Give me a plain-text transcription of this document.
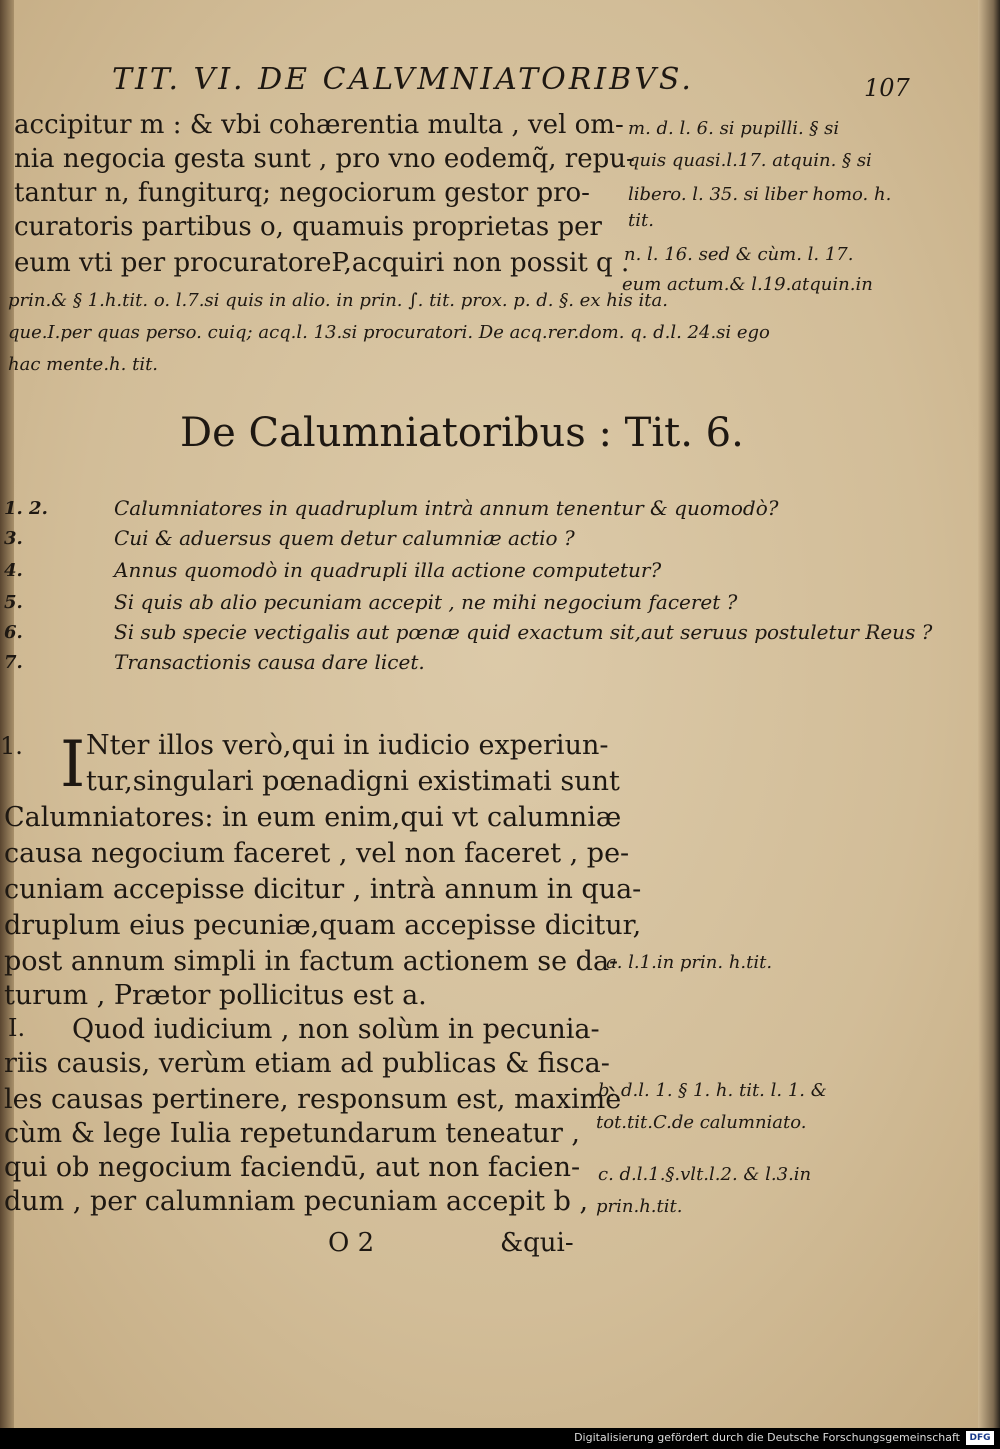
TIT. VI. DE CALVMNIATORIBVS.	107
accipitur m : & vbi cohærentia multa , vel om-
nia negocia gesta sunt , pro vno eodemq̃, repu-
tantur n, fungiturq; negociorum gestor pro-
curatoris partibus o, quamuis proprietas per
eum vti per procuratoreP,acquiri non possit q .
m. d. l. 6. si pupilli. § si
quis quasi.l.17. atquin. § si
libero. l. 35. si liber homo. h.
tit.
n. l. 16. sed & cùm. l. 17.
eum actum.& l.19.atquin.in
prin.& § 1.h.tit. o. l.7.si quis in alio. in prin. ∫. tit. prox. p. d. §. ex his ita.
que.I.per quas perso. cuiq; acq.l. 13.si procuratori. De acq.rer.dom. q. d.l. 24.si ego
hac mente.h. tit.
De Calumniatoribus : Tit. 6.
1. 2.	Calumniatores in quadruplum intrà annum tenentur & quomodò?
3.	Cui & aduersus quem detur calumniæ actio ?
4.	Annus quomodò in quadrupli illa actione computetur?
5.	Si quis ab alio pecuniam accepit , ne mihi negocium faceret ?
6.	Si sub specie vectigalis aut pœnæ quid exactum sit,aut seruus postuletur Reus ?
7.	Transactionis causa dare licet.
1. I Nter illos verò,qui in iudicio experiun-
tur,singulari pœnadigni existimati sunt
Calumniatores: in eum enim,qui vt calumniæ
causa negocium faceret , vel non faceret , pe-
cuniam accepisse dicitur , intrà annum in qua-
druplum eius pecuniæ,quam accepisse dicitur,
post annum simpli in factum actionem se da-
turum , Prætor pollicitus est a.
I. Quod iudicium , non solùm in pecunia-
riis causis, verùm etiam ad publicas & fisca-
les causas pertinere, responsum est, maximè
cùm & lege Iulia repetundarum teneatur ,
qui ob negocium faciendū, aut non facien-
dum , per calumniam pecuniam accepit b ,
a. l.1.in prin. h.tit.
b. d.l. 1. § 1. h. tit. l. 1. &
tot.tit.C.de calumniato.
c. d.l.1.§.vlt.l.2. & l.3.in
prin.h.tit.
O 2	&qui-
Digitalisierung gefördert durch die Deutsche Forschungsgemeinschaft	DFG
